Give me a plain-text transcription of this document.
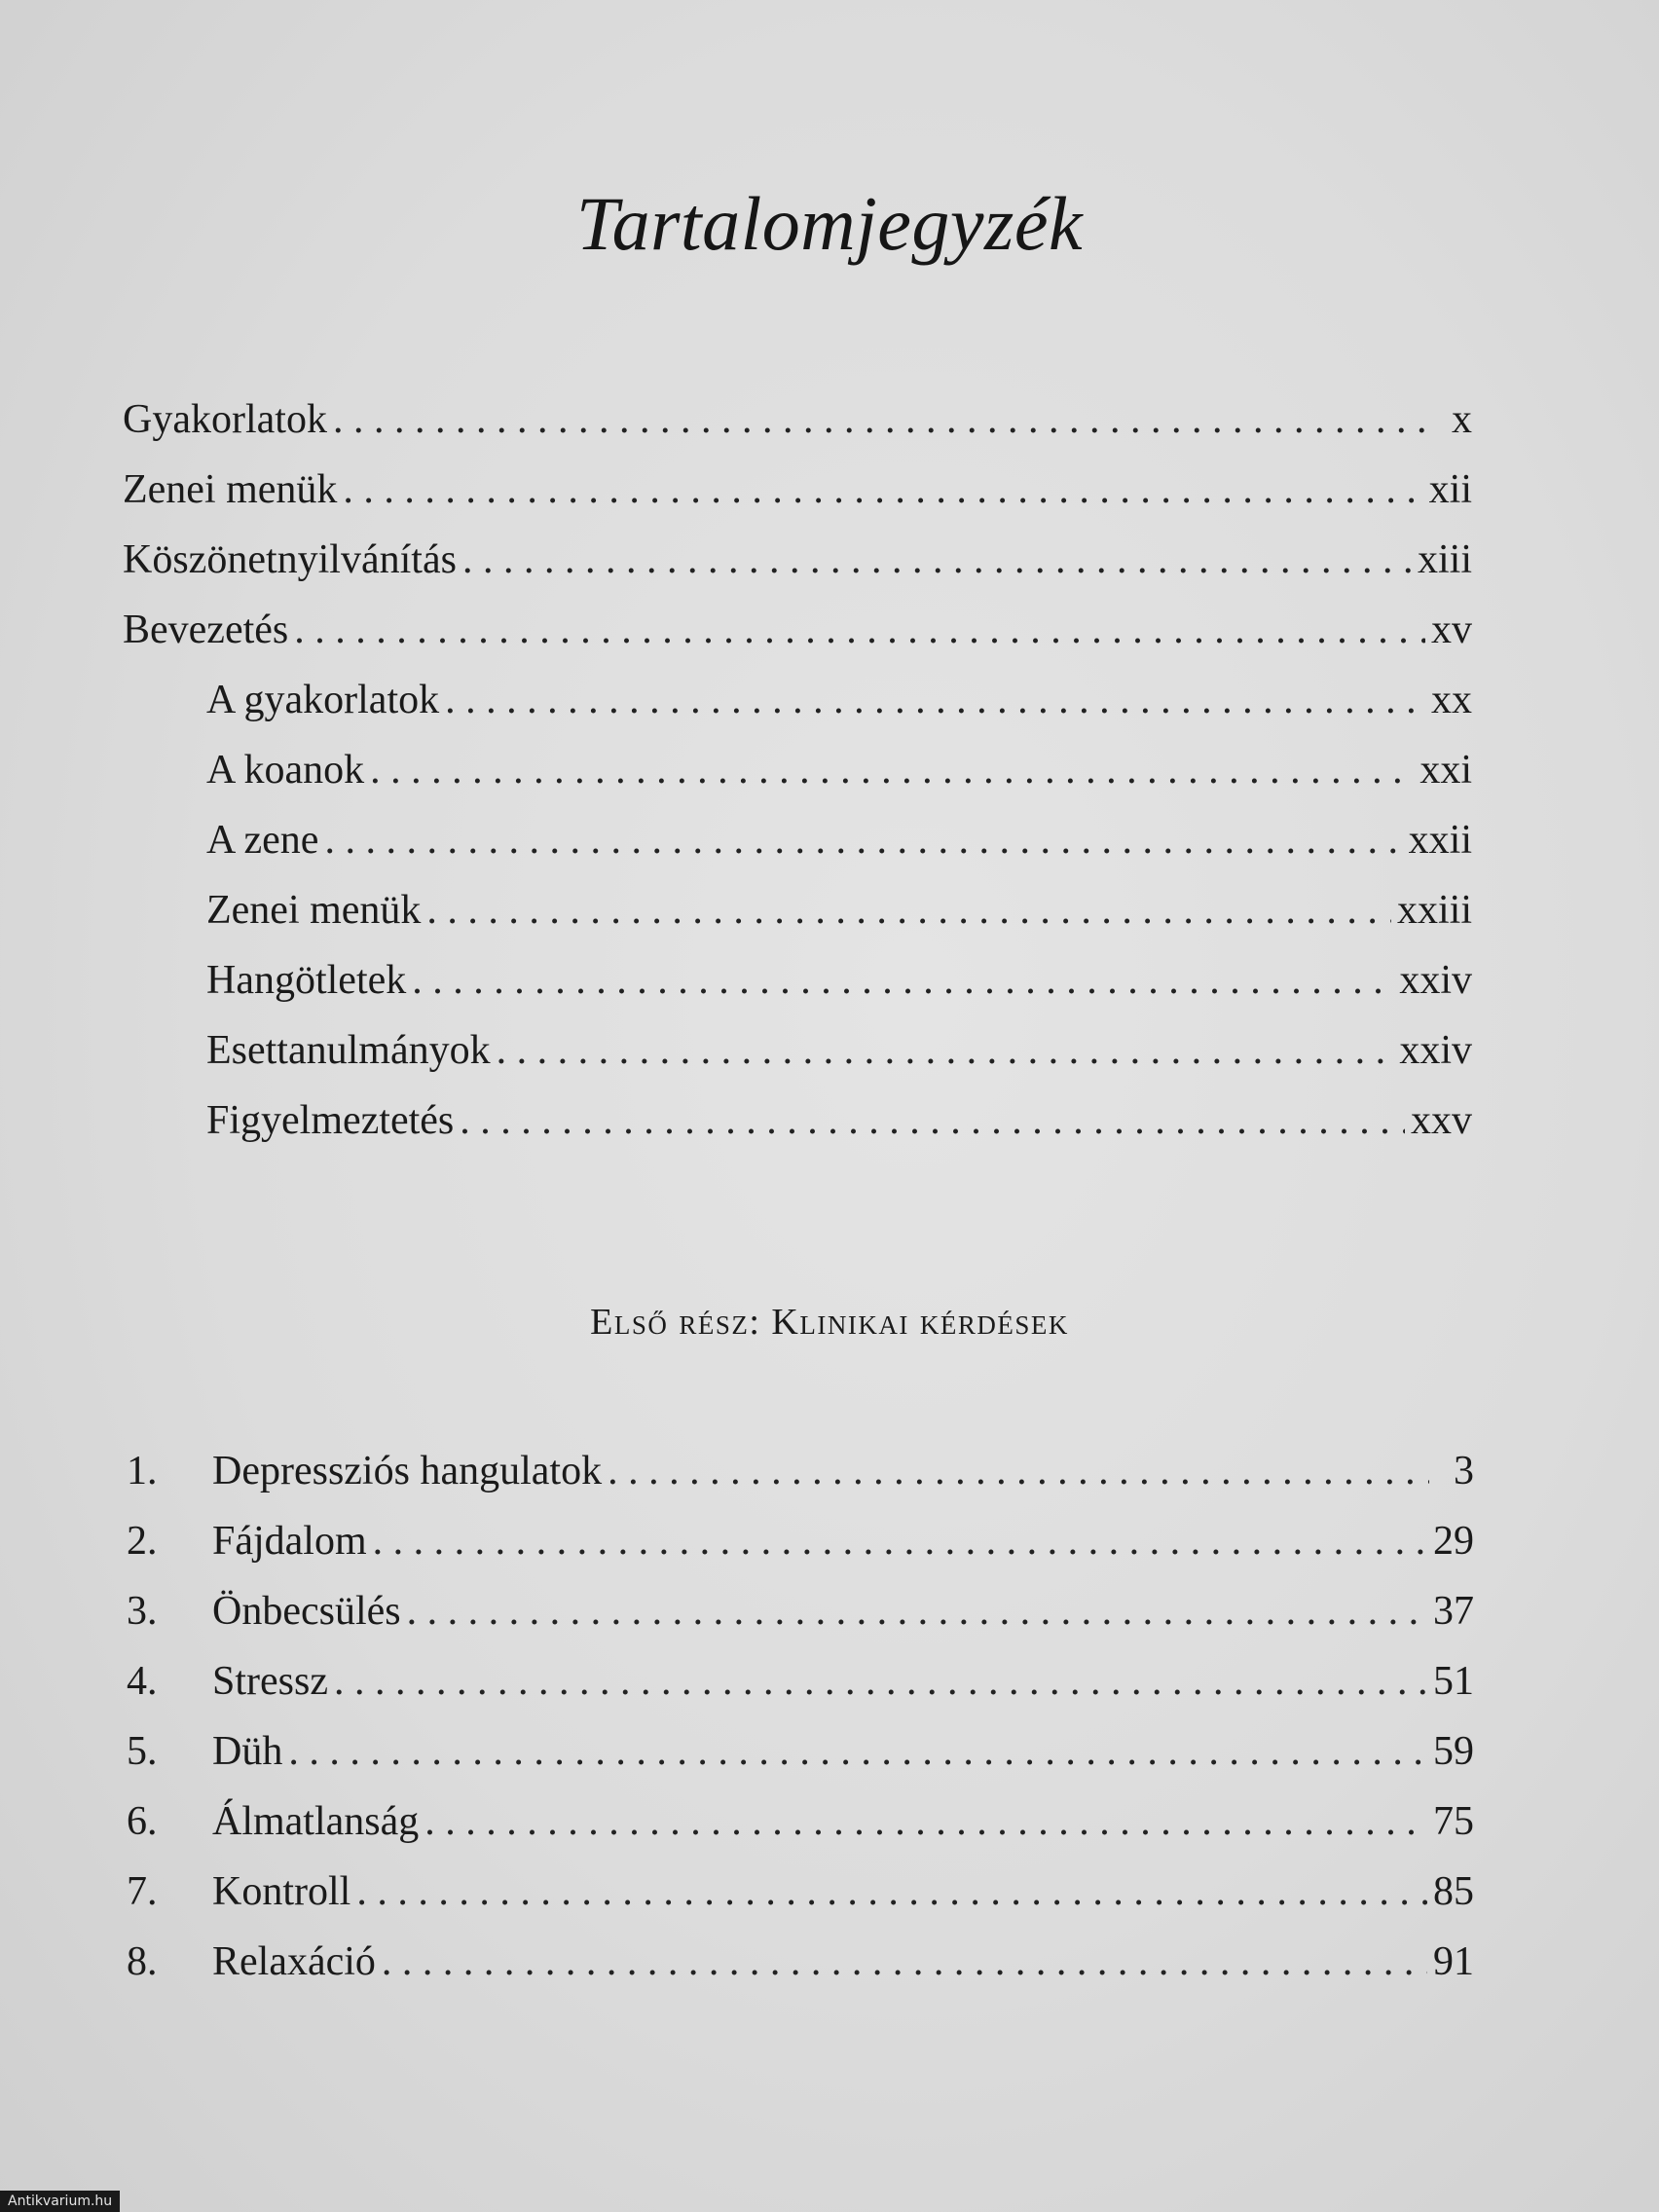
Tartalomjegyzék
Gyakorlatok . . .	x
Zenei menük . . .	xii
Köszönetnyilvánítás . . .	xiii
Bevezetés . . .	xv
A gyakorlatok . . .	xx
A koanok . . .	xxi
A zene . . .	xxii
Zenei menük . . .	xxiii
Hangötletek . . .	xxiv
Esettanulmányok . . .	xxiv
Figyelmeztetés . . .	xxv
Első rész: Klinikai kérdések
1.	Depressziós hangulatok . . .	3
2.	Fájdalom . . .	29
3.	Önbecsülés . . .	37
4.	Stressz . . .	51
5.	Düh . . .	59
6.	Álmatlanság . . .	75
7.	Kontroll . . .	85
8.	Relaxáció . . .	91
Antikvarium.hu
